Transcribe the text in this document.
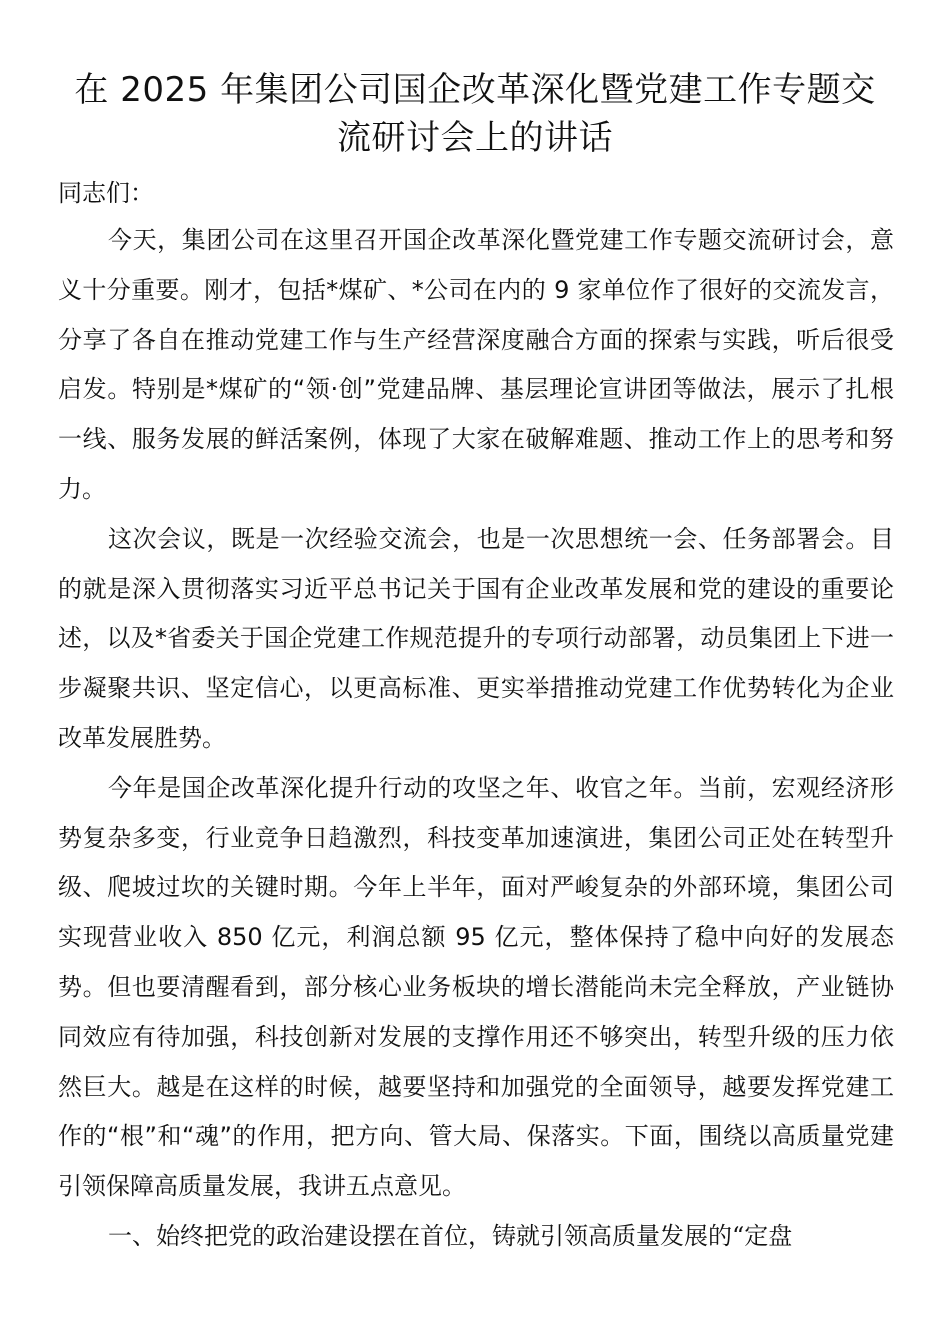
在 2025 年集团公司国企改革深化暨党建工作专题交流研讨会上的讲话

同志们：

今天，集团公司在这里召开国企改革深化暨党建工作专题交流研讨会，意义十分重要。刚才，包括*煤矿、*公司在内的 9 家单位作了很好的交流发言，分享了各自在推动党建工作与生产经营深度融合方面的探索与实践，听后很受启发。特别是*煤矿的“领·创”党建品牌、基层理论宣讲团等做法，展示了扎根一线、服务发展的鲜活案例，体现了大家在破解难题、推动工作上的思考和努力。

这次会议，既是一次经验交流会，也是一次思想统一会、任务部署会。目的就是深入贯彻落实习近平总书记关于国有企业改革发展和党的建设的重要论述，以及*省委关于国企党建工作规范提升的专项行动部署，动员集团上下进一步凝聚共识、坚定信心，以更高标准、更实举措推动党建工作优势转化为企业改革发展胜势。

今年是国企改革深化提升行动的攻坚之年、收官之年。当前，宏观经济形势复杂多变，行业竞争日趋激烈，科技变革加速演进，集团公司正处在转型升级、爬坡过坎的关键时期。今年上半年，面对严峻复杂的外部环境，集团公司实现营业收入 850 亿元，利润总额 95 亿元，整体保持了稳中向好的发展态势。但也要清醒看到，部分核心业务板块的增长潜能尚未完全释放，产业链协同效应有待加强，科技创新对发展的支撑作用还不够突出，转型升级的压力依然巨大。越是在这样的时候，越要坚持和加强党的全面领导，越要发挥党建工作的“根”和“魂”的作用，把方向、管大局、保落实。下面，围绕以高质量党建引领保障高质量发展，我讲五点意见。

一、始终把党的政治建设摆在首位，铸就引领高质量发展的“定盘
